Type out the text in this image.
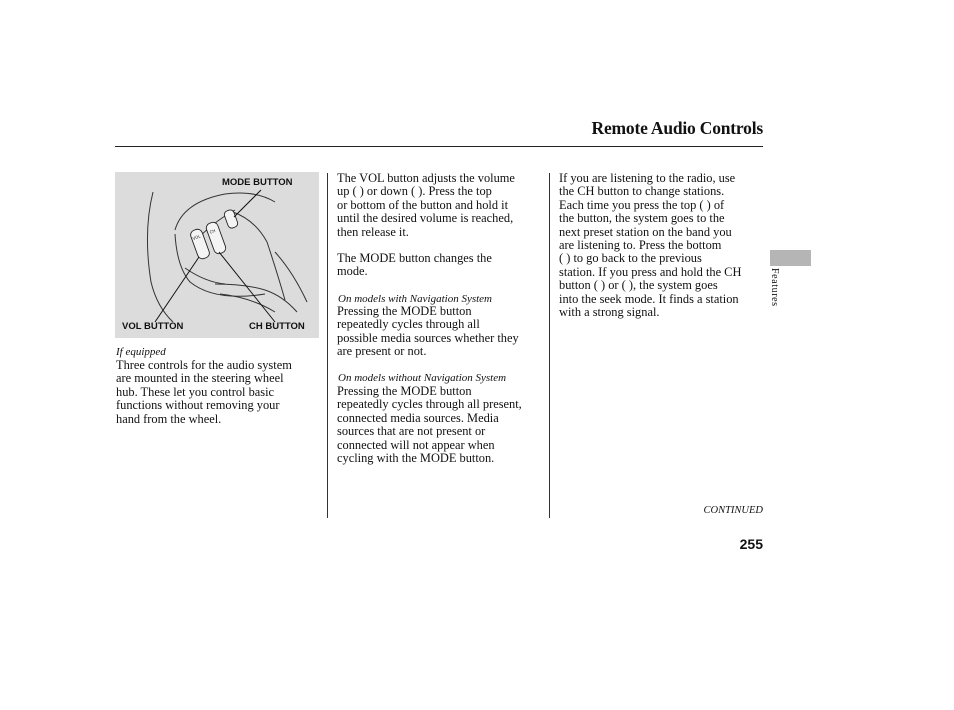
Remote Audio Controls
VOL
CH
MODE BUTTON
VOL BUTTON	CH BUTTON
If equipped
Three controls for the audio system
are mounted in the steering wheel
hub. These let you control basic
functions without removing your
hand from the wheel.
The VOL button adjusts the volume
up ( ) or down ( ). Press the top
or bottom of the button and hold it
until the desired volume is reached,
then release it.
The MODE button changes the
mode.
On models with Navigation System
Pressing the MODE button
repeatedly cycles through all
possible media sources whether they
are present or not.
On models without Navigation System
Pressing the MODE button
repeatedly cycles through all present,
connected media sources. Media
sources that are not present or
connected will not appear when
cycling with the MODE button.
If you are listening to the radio, use
the CH button to change stations.
Each time you press the top ( ) of
the button, the system goes to the
next preset station on the band you
are listening to. Press the bottom
( ) to go back to the previous
station. If you press and hold the CH
button ( ) or ( ), the system goes
into the seek mode. It finds a station
with a strong signal.
Features
CONTINUED
255
